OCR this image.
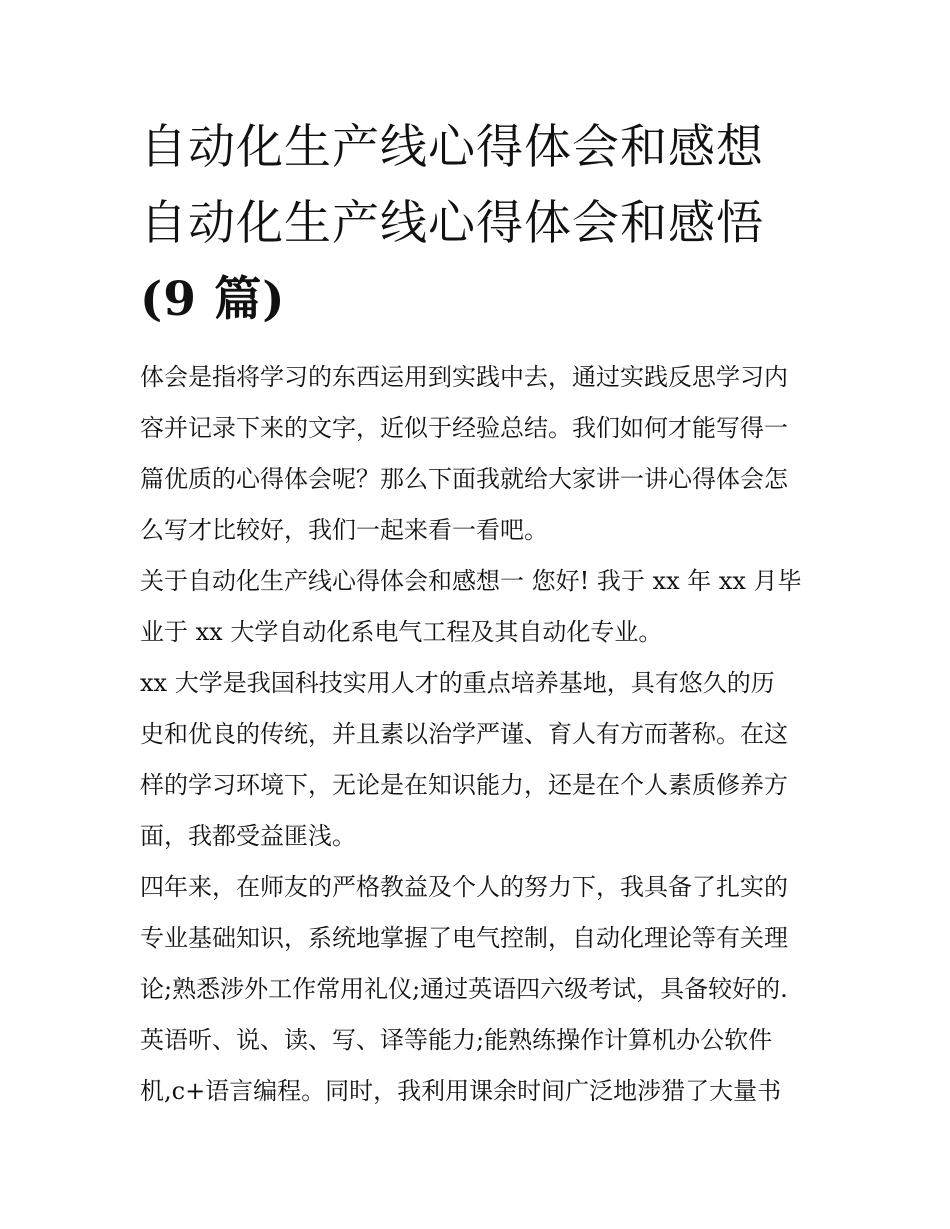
自动化生产线心得体会和感想
自动化生产线心得体会和感悟
(9 篇)

体会是指将学习的东西运用到实践中去，通过实践反思学习内
容并记录下来的文字，近似于经验总结。我们如何才能写得一
篇优质的心得体会呢？那么下面我就给大家讲一讲心得体会怎
么写才比较好，我们一起来看一看吧。

关于自动化生产线心得体会和感想一 您好! 我于 xx 年 xx 月毕
业于 xx 大学自动化系电气工程及其自动化专业。

xx 大学是我国科技实用人才的重点培养基地，具有悠久的历
史和优良的传统，并且素以治学严谨、育人有方而著称。在这
样的学习环境下，无论是在知识能力，还是在个人素质修养方
面，我都受益匪浅。

四年来，在师友的严格教益及个人的努力下，我具备了扎实的
专业基础知识，系统地掌握了电气控制，自动化理论等有关理
论;熟悉涉外工作常用礼仪;通过英语四六级考试，具备较好的.
英语听、说、读、写、译等能力;能熟练操作计算机办公软件
机,c+语言编程。同时，我利用课余时间广泛地涉猎了大量书
